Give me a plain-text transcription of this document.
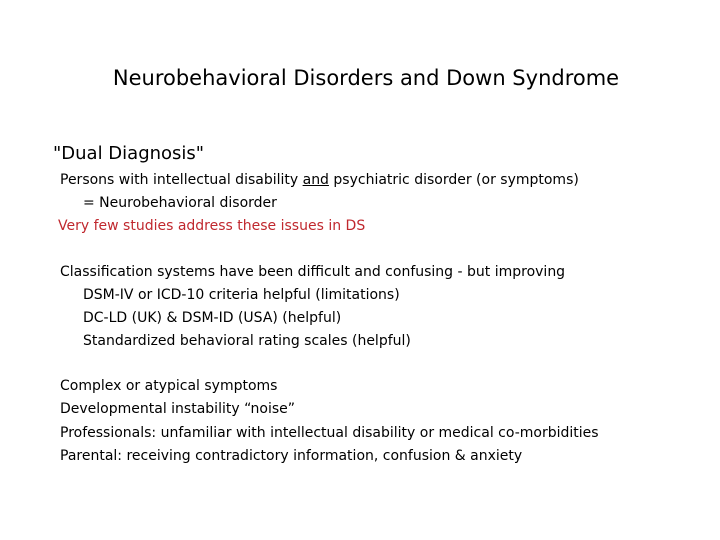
Neurobehavioral Disorders and Down Syndrome
"Dual Diagnosis"
Persons with intellectual disability and psychiatric disorder (or symptoms)
= Neurobehavioral disorder
Very few studies address these issues in DS
Classification systems have been difficult and confusing - but improving
DSM-IV or ICD-10 criteria helpful (limitations)
DC-LD (UK) & DSM-ID (USA) (helpful)
Standardized behavioral rating scales (helpful)
Complex or atypical symptoms
Developmental instability “noise”
Professionals: unfamiliar with intellectual disability or medical co-morbidities
Parental: receiving contradictory information, confusion & anxiety
